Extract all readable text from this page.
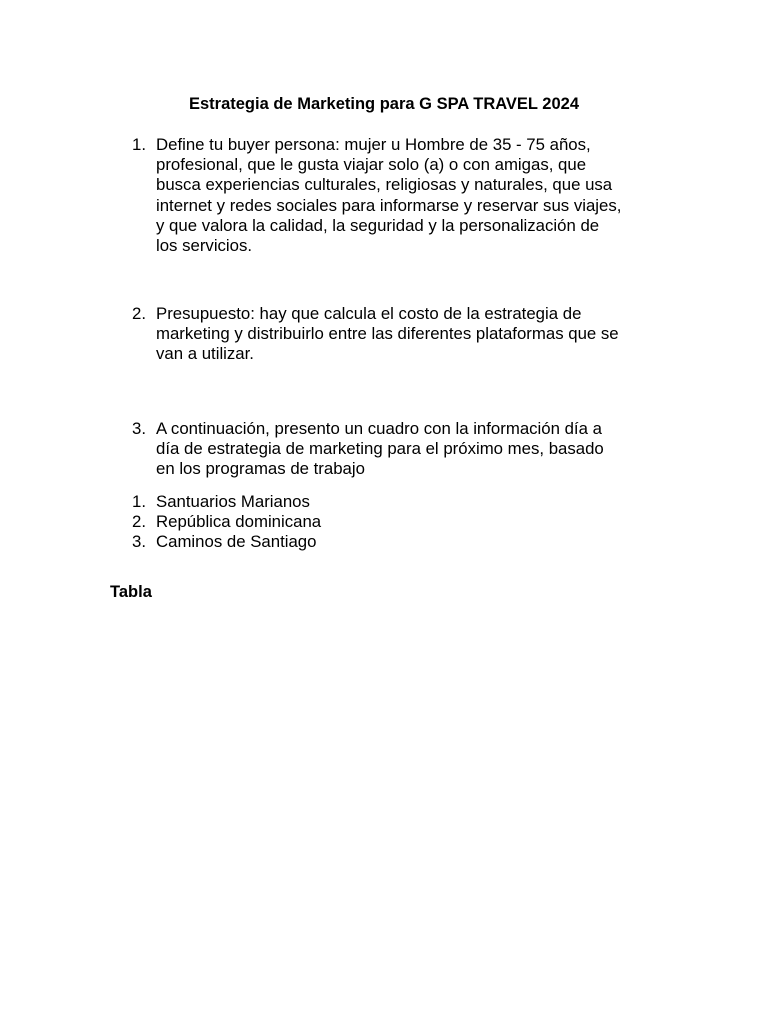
Estrategia de Marketing para G SPA TRAVEL 2024
1. Define tu buyer persona: mujer u Hombre de 35 - 75 años,
profesional, que le gusta viajar solo (a) o con amigas, que
busca experiencias culturales, religiosas y naturales, que usa
internet y redes sociales para informarse y reservar sus viajes,
y que valora la calidad, la seguridad y la personalización de
los servicios.
2. Presupuesto: hay que calcula el costo de la estrategia de
marketing y distribuirlo entre las diferentes plataformas que se
van a utilizar.
3. A continuación, presento un cuadro con la información día a
día de estrategia de marketing para el próximo mes, basado
en los programas de trabajo
1. Santuarios Marianos
2. República dominicana
3. Caminos de Santiago
Tabla
